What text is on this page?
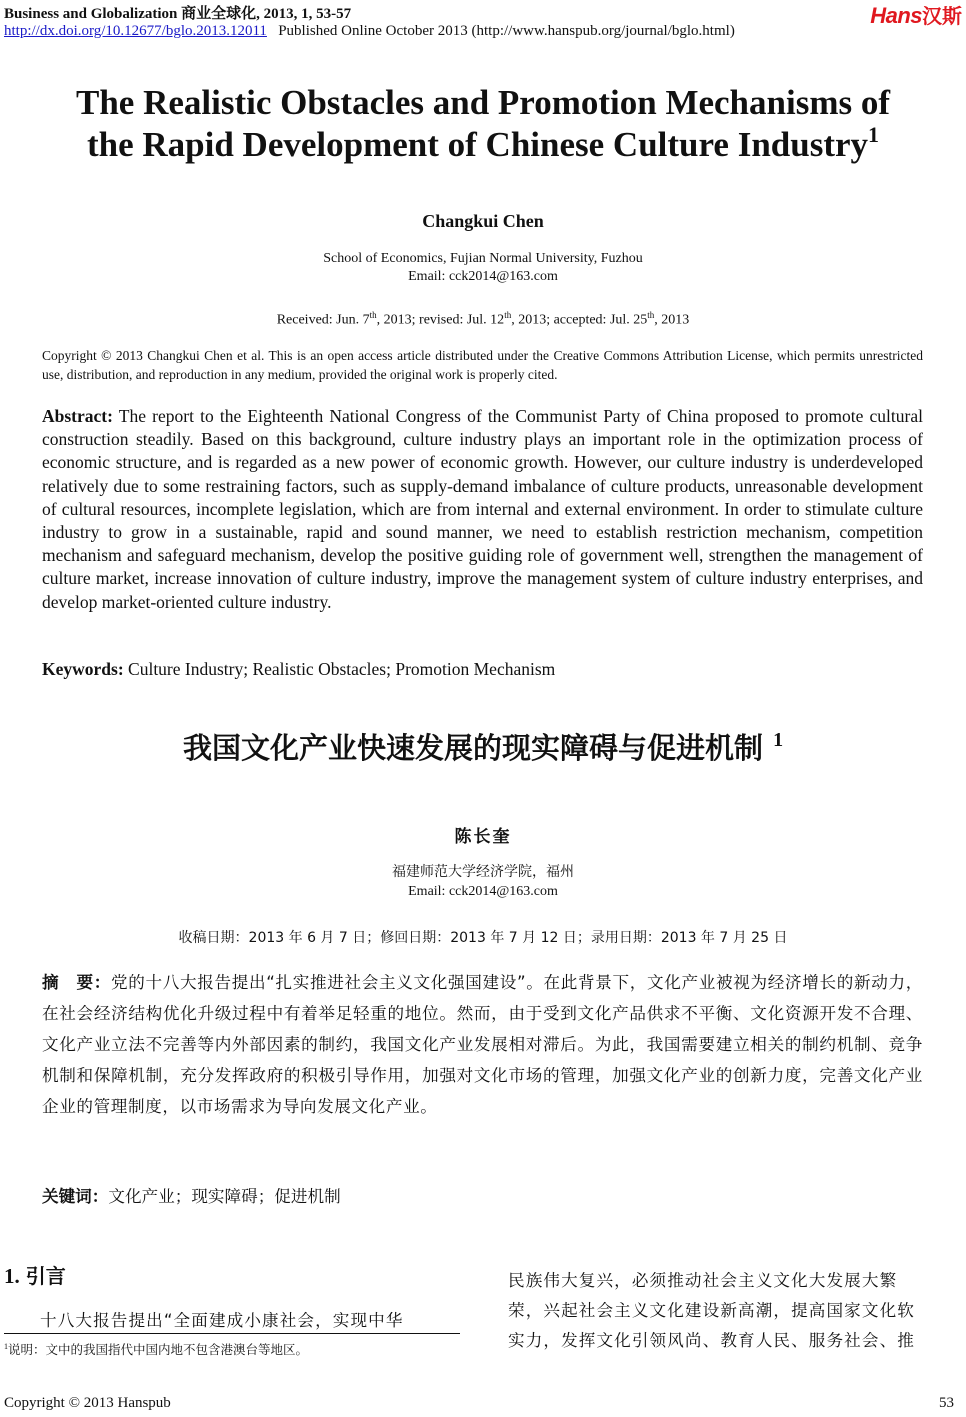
Business and Globalization 商业全球化, 2013, 1, 53-57
http://dx.doi.org/10.12677/bglo.2013.12011 Published Online October 2013 (http://www.hanspub.org/journal/bglo.html)
Hans汉斯
The Realistic Obstacles and Promotion Mechanisms of
the Rapid Development of Chinese Culture Industry$^1$
Changkui Chen
School of Economics, Fujian Normal University, Fuzhou
Email: cck2014@163.com
Received: Jun. 7th, 2013; revised: Jul. 12th, 2013; accepted: Jul. 25th, 2013
Copyright © 2013 Changkui Chen et al. This is an open access article distributed under the Creative Commons Attribution License, which permits unrestricted use, distribution, and reproduction in any medium, provided the original work is properly cited.
Abstract: The report to the Eighteenth National Congress of the Communist Party of China proposed to promote cultural construction steadily. Based on this background, culture industry plays an important role in the optimization process of economic structure, and is regarded as a new power of economic growth. However, our culture industry is underdeveloped relatively due to some restraining factors, such as supply-demand imbalance of culture products, unreasonable development of cultural resources, incomplete legislation, which are from internal and external environment. In order to stimulate culture industry to grow in a sustainable, rapid and sound manner, we need to establish restriction mechanism, competition mechanism and safeguard mechanism, develop the positive guiding role of government well, strengthen the management of culture market, increase innovation of culture industry, improve the management system of culture industry enterprises, and develop market-oriented culture industry.
Keywords: Culture Industry; Realistic Obstacles; Promotion Mechanism
我国文化产业快速发展的现实障碍与促进机制 $^1$
陈长奎
福建师范大学经济学院，福州
Email: cck2014@163.com
收稿日期：2013 年 6 月 7 日；修回日期：2013 年 7 月 12 日；录用日期：2013 年 7 月 25 日
摘　要：党的十八大报告提出“扎实推进社会主义文化强国建设”。在此背景下，文化产业被视为经济增长的新动力，在社会经济结构优化升级过程中有着举足轻重的地位。然而，由于受到文化产品供求不平衡、文化资源开发不合理、文化产业立法不完善等内外部因素的制约，我国文化产业发展相对滞后。为此，我国需要建立相关的制约机制、竞争机制和保障机制，充分发挥政府的积极引导作用，加强对文化市场的管理，加强文化产业的创新力度，完善文化产业企业的管理制度，以市场需求为导向发展文化产业。
关键词：文化产业；现实障碍；促进机制
1. 引言
十八大报告提出“全面建成小康社会，实现中华
$^1$说明：文中的我国指代中国内地不包含港澳台等地区。
民族伟大复兴，必须推动社会主义文化大发展大繁
荣，兴起社会主义文化建设新高潮，提高国家文化软
实力，发挥文化引领风尚、教育人民、服务社会、推
Copyright © 2013 Hanspub	53
